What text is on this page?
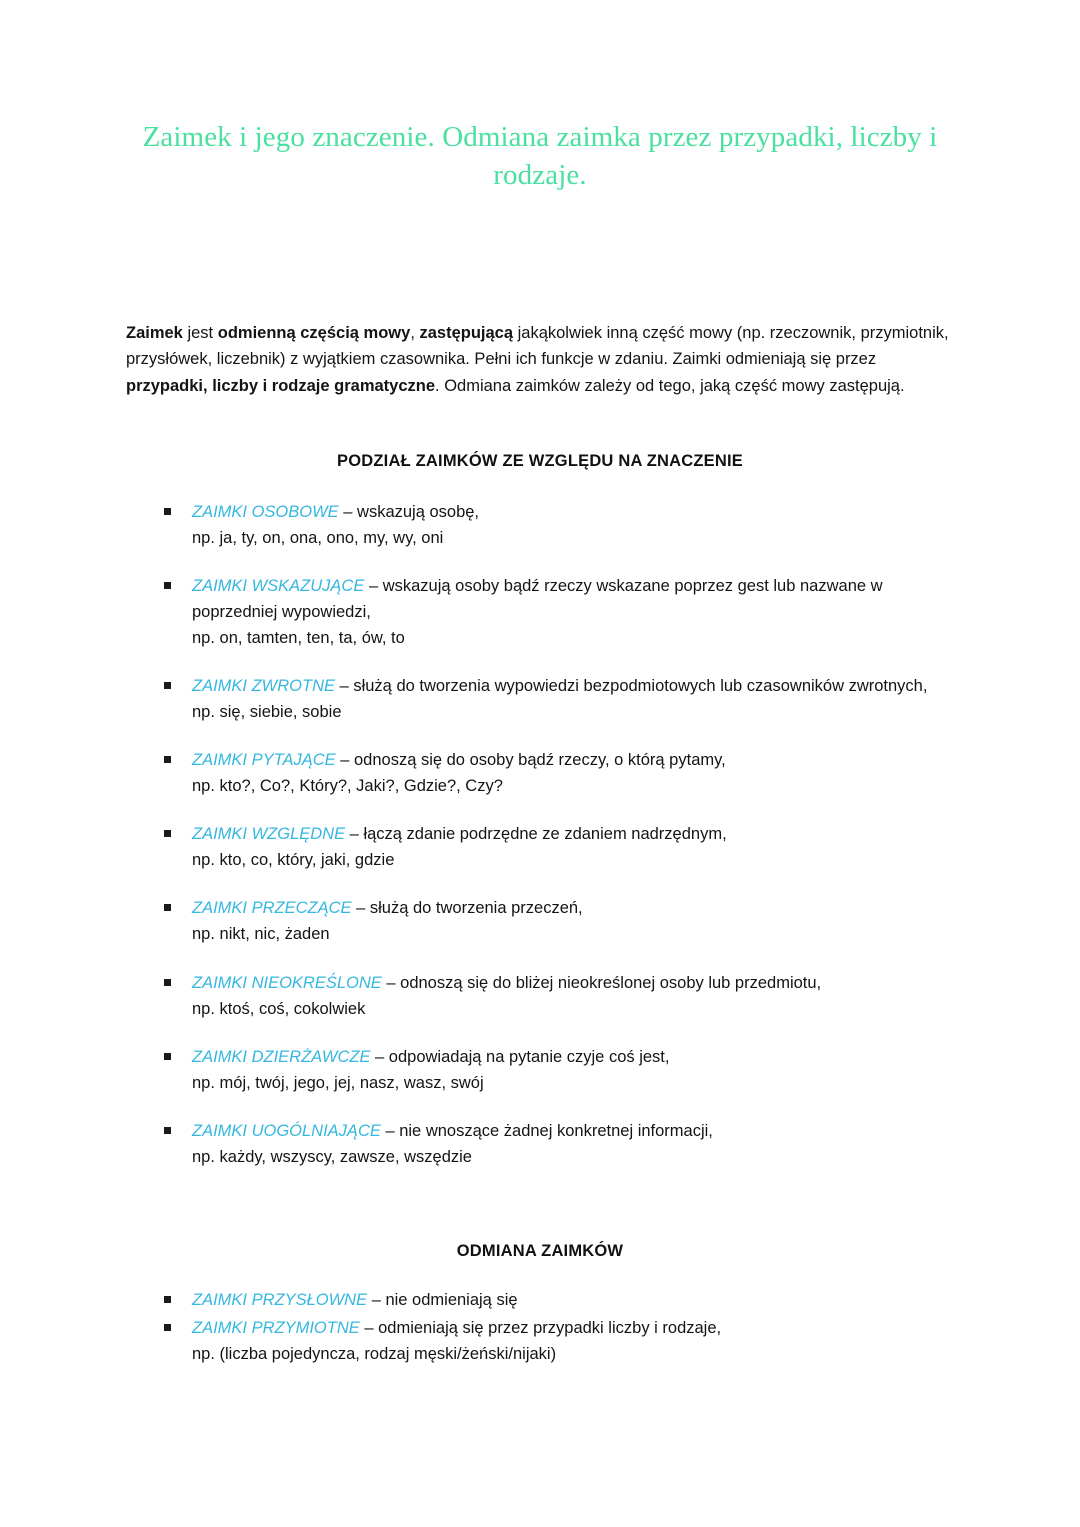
Zaimek i jego znaczenie. Odmiana zaimka przez przypadki, liczby i rodzaje.

Zaimek jest odmienną częścią mowy, zastępującą jakąkolwiek inną część mowy (np. rzeczownik, przymiotnik, przysłówek, liczebnik) z wyjątkiem czasownika. Pełni ich funkcje w zdaniu. Zaimki odmieniają się przez przypadki, liczby i rodzaje gramatyczne. Odmiana zaimków zależy od tego, jaką część mowy zastępują.

PODZIAŁ ZAIMKÓW ZE WZGLĘDU NA ZNACZENIE
ZAIMKI OSOBOWE – wskazują osobę,
np. ja, ty, on, ona, ono, my, wy, oni
ZAIMKI WSKAZUJĄCE – wskazują osoby bądź rzeczy wskazane poprzez gest lub nazwane w poprzedniej wypowiedzi,
np. on, tamten, ten, ta, ów, to
ZAIMKI ZWROTNE – służą do tworzenia wypowiedzi bezpodmiotowych lub czasowników zwrotnych,
np. się, siebie, sobie
ZAIMKI PYTAJĄCE – odnoszą się do osoby bądź rzeczy, o którą pytamy,
np. kto?, Co?, Który?, Jaki?, Gdzie?, Czy?
ZAIMKI WZGLĘDNE – łączą zdanie podrzędne ze zdaniem nadrzędnym,
np. kto, co, który, jaki, gdzie
ZAIMKI PRZECZĄCE – służą do tworzenia przeczeń,
np. nikt, nic, żaden
ZAIMKI NIEOKREŚLONE – odnoszą się do bliżej nieokreślonej osoby lub przedmiotu,
np. ktoś, coś, cokolwiek
ZAIMKI DZIERŻAWCZE – odpowiadają na pytanie czyje coś jest,
np. mój, twój, jego, jej, nasz, wasz, swój
ZAIMKI UOGÓLNIAJĄCE – nie wnoszące żadnej konkretnej informacji,
np. każdy, wszyscy, zawsze, wszędzie
ODMIANA ZAIMKÓW
ZAIMKI PRZYSŁOWNE – nie odmieniają się
ZAIMKI PRZYMIOTNE – odmieniają się przez przypadki liczby i rodzaje,
np. (liczba pojedyncza, rodzaj męski/żeński/nijaki)
